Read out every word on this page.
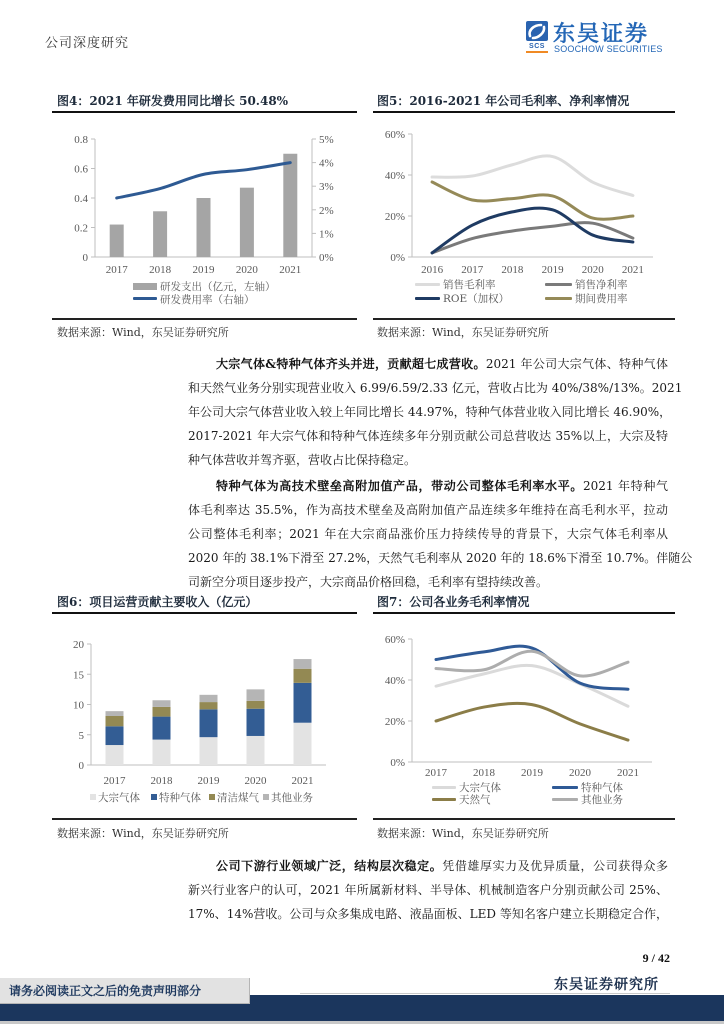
公司深度研究	SCS 东吴证券
SOOCHOW SECURITIES
图4：2021 年研发费用同比增长 50.48%
0
0.2
0.4
0.6
0.8
0%
1%
2%
3%
4%
5%
2017 2018 2019 2020 2021
研发支出（亿元，左轴）
研发费用率（右轴）
数据来源：Wind，东吴证券研究所
图5：2016-2021 年公司毛利率、净利率情况
0%
20%
40%
60%
2016 2017 2018 2019 2020 2021
销售毛利率	销售净利率
ROE（加权）	期间费用率
数据来源：Wind，东吴证券研究所
大宗气体&特种气体齐头并进，贡献超七成营收。2021 年公司大宗气体、特种气体
和天然气业务分别实现营业收入 6.99/6.59/2.33 亿元，营收占比为 40%/38%/13%。2021
年公司大宗气体营业收入较上年同比增长 44.97%，特种气体营业收入同比增长 46.90%，
2017-2021 年大宗气体和特种气体连续多年分别贡献公司总营收达 35%以上，大宗及特
种气体营收并驾齐驱，营收占比保持稳定。
特种气体为高技术壁垒高附加值产品，带动公司整体毛利率水平。2021 年特种气
体毛利率达 35.5%，作为高技术壁垒及高附加值产品连续多年维持在高毛利水平，拉动
公司整体毛利率；2021 年在大宗商品涨价压力持续传导的背景下，大宗气体毛利率从
2020 年的 38.1%下滑至 27.2%，天然气毛利率从 2020 年的 18.6%下滑至 10.7%。伴随公
司新空分项目逐步投产，大宗商品价格回稳，毛利率有望持续改善。
图6：项目运营贡献主要收入（亿元）
0
5
10
15
20
2017 2018 2019 2020 2021
大宗气体 特种气体 清洁煤气 其他业务
数据来源：Wind，东吴证券研究所
图7：公司各业务毛利率情况
0%
20%
40%
60%
2017 2018 2019 2020 2021
大宗气体	特种气体
天然气	其他业务
数据来源：Wind，东吴证券研究所
公司下游行业领域广泛，结构层次稳定。凭借雄厚实力及优异质量，公司获得众多
新兴行业客户的认可，2021 年所属新材料、半导体、机械制造客户分别贡献公司 25%、
17%、14%营收。公司与众多集成电路、液晶面板、LED 等知名客户建立长期稳定合作，
9 / 42
东吴证券研究所
请务必阅读正文之后的免责声明部分
